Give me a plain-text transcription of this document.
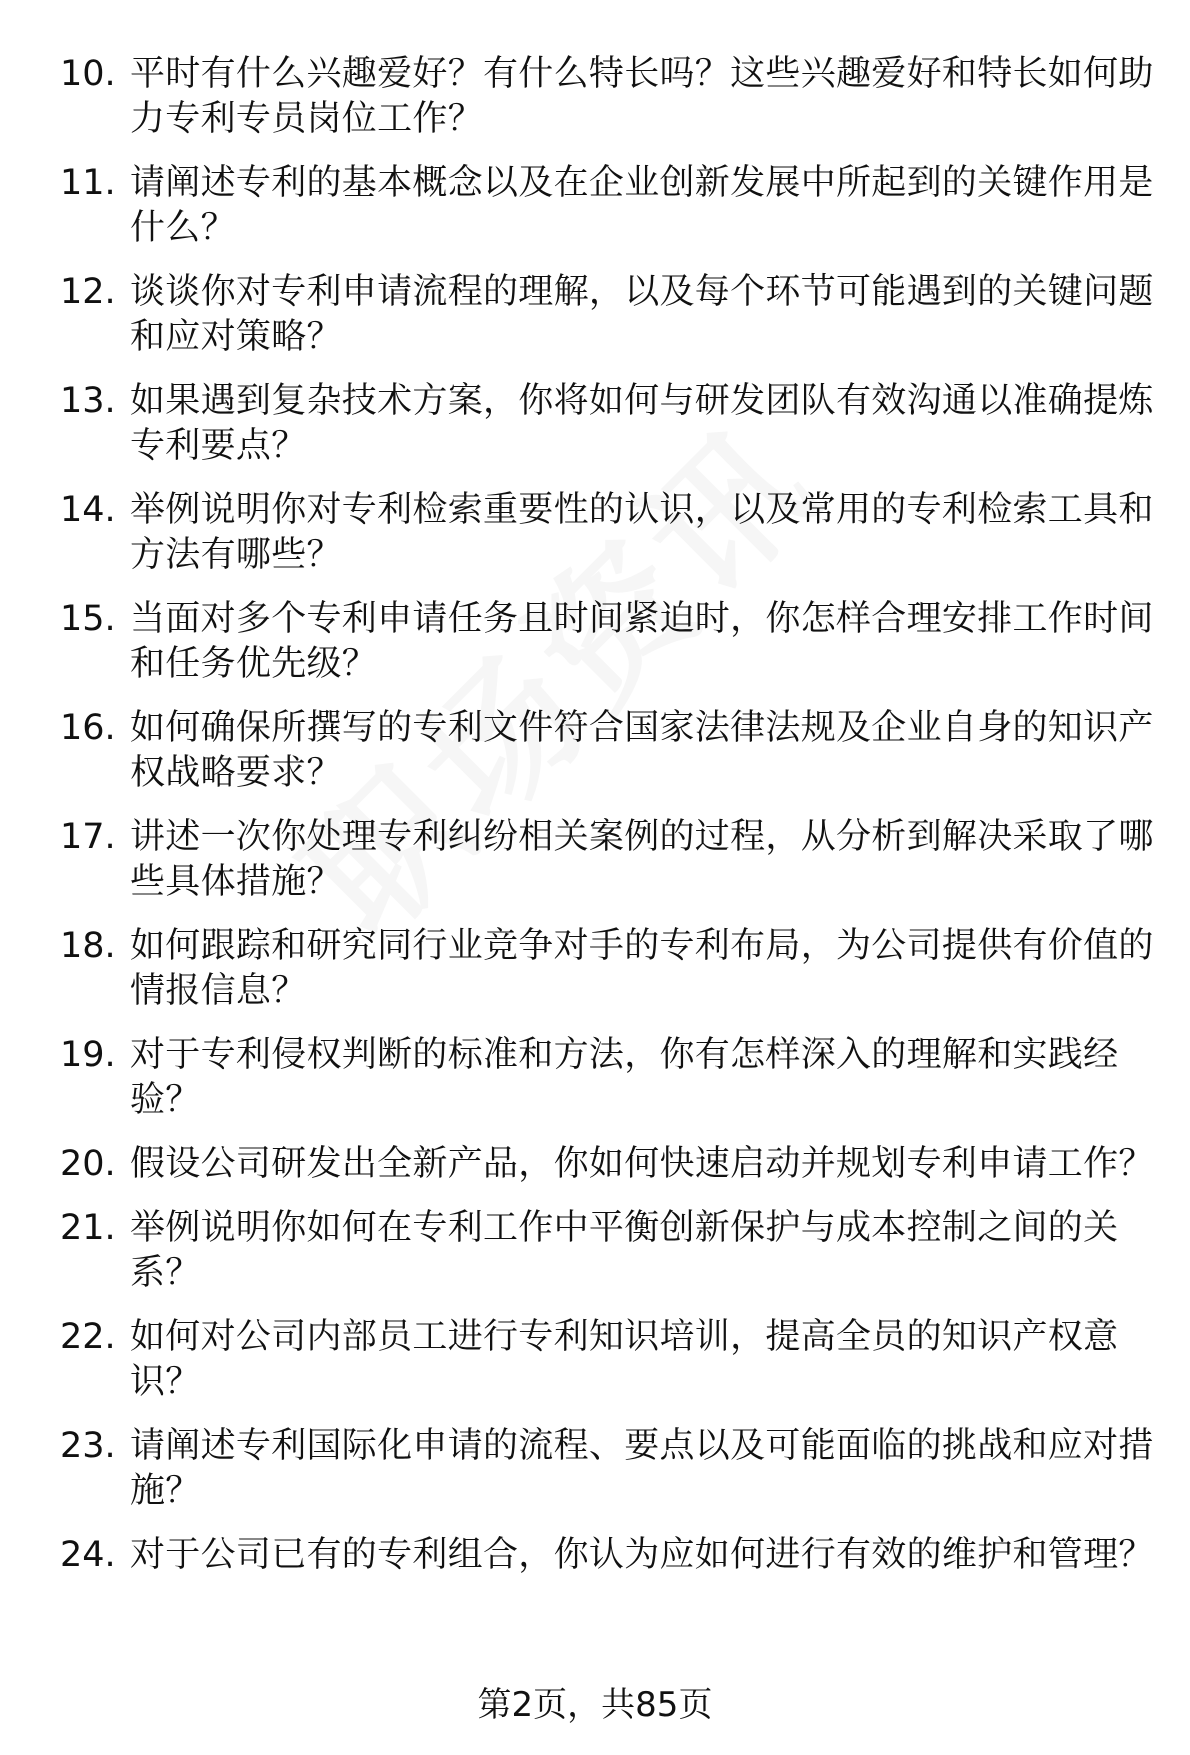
10. 平时有什么兴趣爱好？有什么特长吗？这些兴趣爱好和特长如何助力专利专员岗位工作？
11. 请阐述专利的基本概念以及在企业创新发展中所起到的关键作用是什么？
12. 谈谈你对专利申请流程的理解，以及每个环节可能遇到的关键问题和应对策略？
13. 如果遇到复杂技术方案，你将如何与研发团队有效沟通以准确提炼专利要点？
14. 举例说明你对专利检索重要性的认识，以及常用的专利检索工具和方法有哪些？
15. 当面对多个专利申请任务且时间紧迫时，你怎样合理安排工作时间和任务优先级？
16. 如何确保所撰写的专利文件符合国家法律法规及企业自身的知识产权战略要求？
17. 讲述一次你处理专利纠纷相关案例的过程，从分析到解决采取了哪些具体措施？
18. 如何跟踪和研究同行业竞争对手的专利布局，为公司提供有价值的情报信息？
19. 对于专利侵权判断的标准和方法，你有怎样深入的理解和实践经验？
20. 假设公司研发出全新产品，你如何快速启动并规划专利申请工作？
21. 举例说明你如何在专利工作中平衡创新保护与成本控制之间的关系？
22. 如何对公司内部员工进行专利知识培训，提高全员的知识产权意识？
23. 请阐述专利国际化申请的流程、要点以及可能面临的挑战和应对措施？
24. 对于公司已有的专利组合，你认为应如何进行有效的维护和管理？
第2页，共85页
